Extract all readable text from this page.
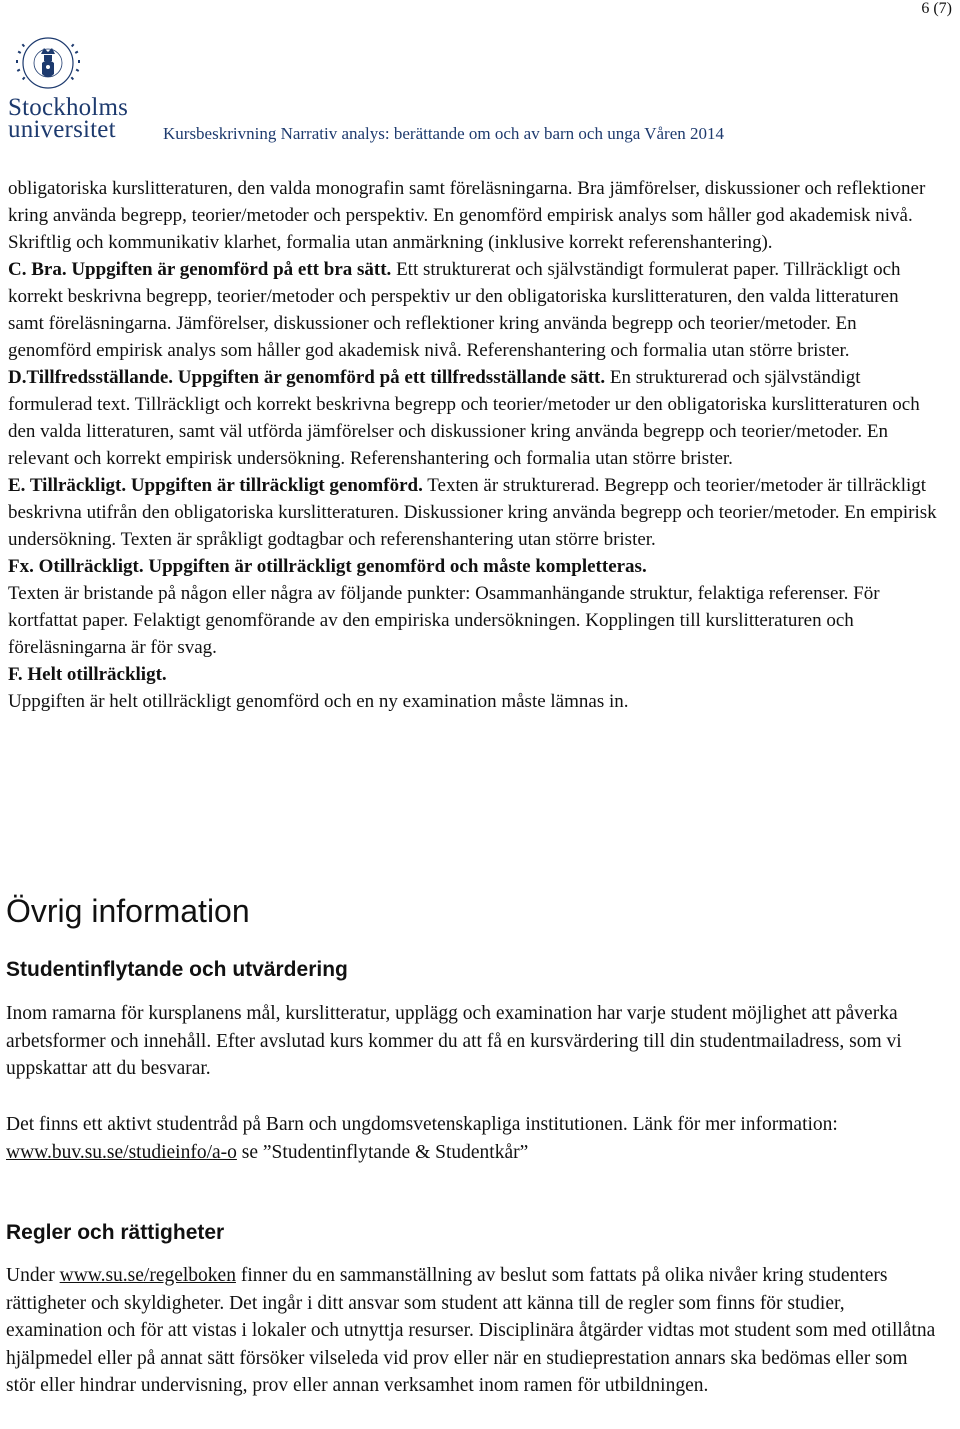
6 (7)
Stockholms
universitet	Kursbeskrivning Narrativ analys: berättande om och av barn och unga Våren 2014

obligatoriska kurslitteraturen, den valda monografin samt föreläsningarna. Bra jämförelser, diskussioner och reflektioner kring använda begrepp, teorier/metoder och perspektiv. En genomförd empirisk analys som håller god akademisk nivå. Skriftlig och kommunikativ klarhet, formalia utan anmärkning (inklusive korrekt referenshantering).

C. Bra. Uppgiften är genomförd på ett bra sätt. Ett strukturerat och självständigt formulerat paper. Tillräckligt och korrekt beskrivna begrepp, teorier/metoder och perspektiv ur den obligatoriska kurslitteraturen, den valda litteraturen samt föreläsningarna. Jämförelser, diskussioner och reflektioner kring använda begrepp och teorier/metoder. En genomförd empirisk analys som håller god akademisk nivå. Referenshantering och formalia utan större brister.

D.Tillfredsställande. Uppgiften är genomförd på ett tillfredsställande sätt. En strukturerad och självständigt formulerad text. Tillräckligt och korrekt beskrivna begrepp och teorier/metoder ur den obligatoriska kurslitteraturen och den valda litteraturen, samt väl utförda jämförelser och diskussioner kring använda begrepp och teorier/metoder. En relevant och korrekt empirisk undersökning. Referenshantering och formalia utan större brister.

E. Tillräckligt. Uppgiften är tillräckligt genomförd. Texten är strukturerad. Begrepp och teorier/metoder är tillräckligt beskrivna utifrån den obligatoriska kurslitteraturen. Diskussioner kring använda begrepp och teorier/metoder. En empirisk undersökning. Texten är språkligt godtagbar och referenshantering utan större brister.

Fx. Otillräckligt. Uppgiften är otillräckligt genomförd och måste kompletteras.

Texten är bristande på någon eller några av följande punkter: Osammanhängande struktur, felaktiga referenser. För kortfattat paper. Felaktigt genomförande av den empiriska undersökningen. Kopplingen till kurslitteraturen och föreläsningarna är för svag.

F. Helt otillräckligt.

Uppgiften är helt otillräckligt genomförd och en ny examination måste lämnas in.

Övrig information
Studentinflytande och utvärdering

Inom ramarna för kursplanens mål, kurslitteratur, upplägg och examination har varje student möjlighet att påverka arbetsformer och innehåll. Efter avslutad kurs kommer du att få en kursvärdering till din studentmailadress, som vi uppskattar att du besvarar.

Det finns ett aktivt studentråd på Barn och ungdomsvetenskapliga institutionen. Länk för mer information: www.buv.su.se/studieinfo/a-o se ”Studentinflytande & Studentkår”

Regler och rättigheter

Under www.su.se/regelboken finner du en sammanställning av beslut som fattats på olika nivåer kring studenters rättigheter och skyldigheter. Det ingår i ditt ansvar som student att känna till de regler som finns för studier, examination och för att vistas i lokaler och utnyttja resurser. Disciplinära åtgärder vidtas mot student som med otillåtna hjälpmedel eller på annat sätt försöker vilseleda vid prov eller när en studieprestation annars ska bedömas eller som stör eller hindrar undervisning, prov eller annan verksamhet inom ramen för utbildningen.
